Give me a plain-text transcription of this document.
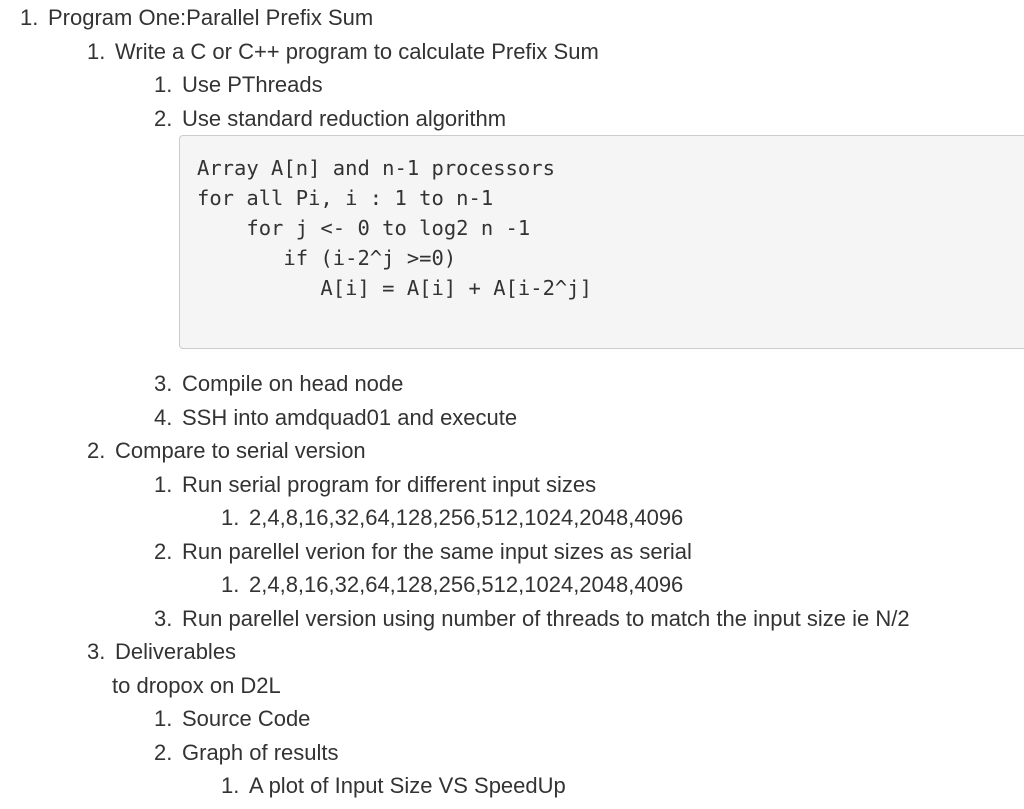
1. Program One:Parallel Prefix Sum
1. Write a C or C++ program to calculate Prefix Sum
1. Use PThreads
2. Use standard reduction algorithm
Array A[n] and n-1 processors
for all Pi, i : 1 to n-1
for j <- 0 to log2 n -1
if (i-2^j >=0)
A[i] = A[i] + A[i-2^j]
3. Compile on head node
4. SSH into amdquad01 and execute
2. Compare to serial version
1. Run serial program for different input sizes
1. 2,4,8,16,32,64,128,256,512,1024,2048,4096
2. Run parellel verion for the same input sizes as serial
1. 2,4,8,16,32,64,128,256,512,1024,2048,4096
3. Run parellel version using number of threads to match the input size ie N/2
3. Deliverables
to dropox on D2L
1. Source Code
2. Graph of results
1. A plot of Input Size VS SpeedUp
